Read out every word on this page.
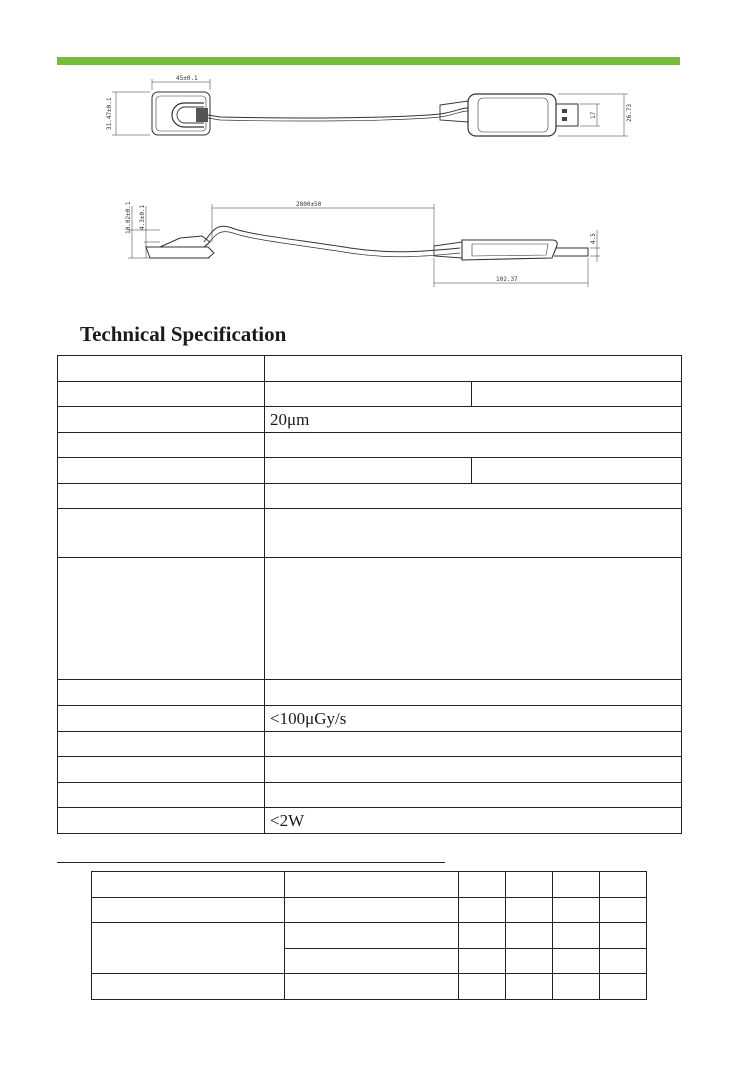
45±0.1
31.47±0.1	17	26.73
2800±50
10.02±0.1 4.3±0.1
102.37
4.5
Technical Specification

	20μm	

	<100μGy/s	

	<2W	
